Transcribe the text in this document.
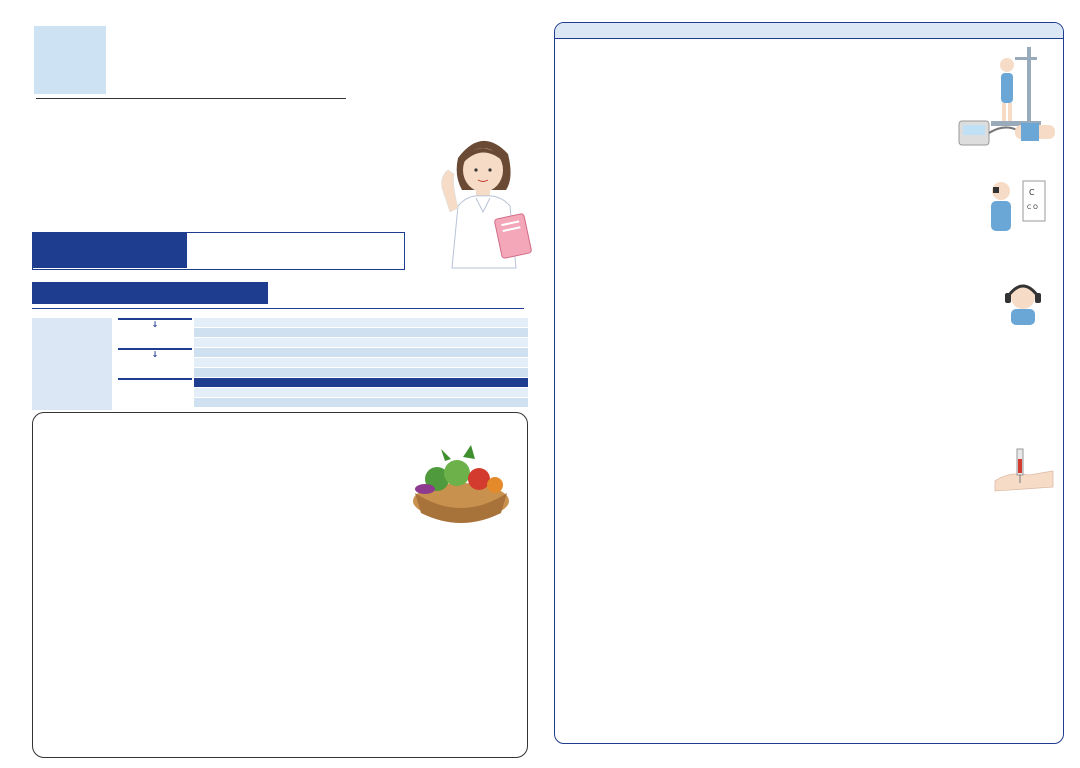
↓
↓
C
C O
